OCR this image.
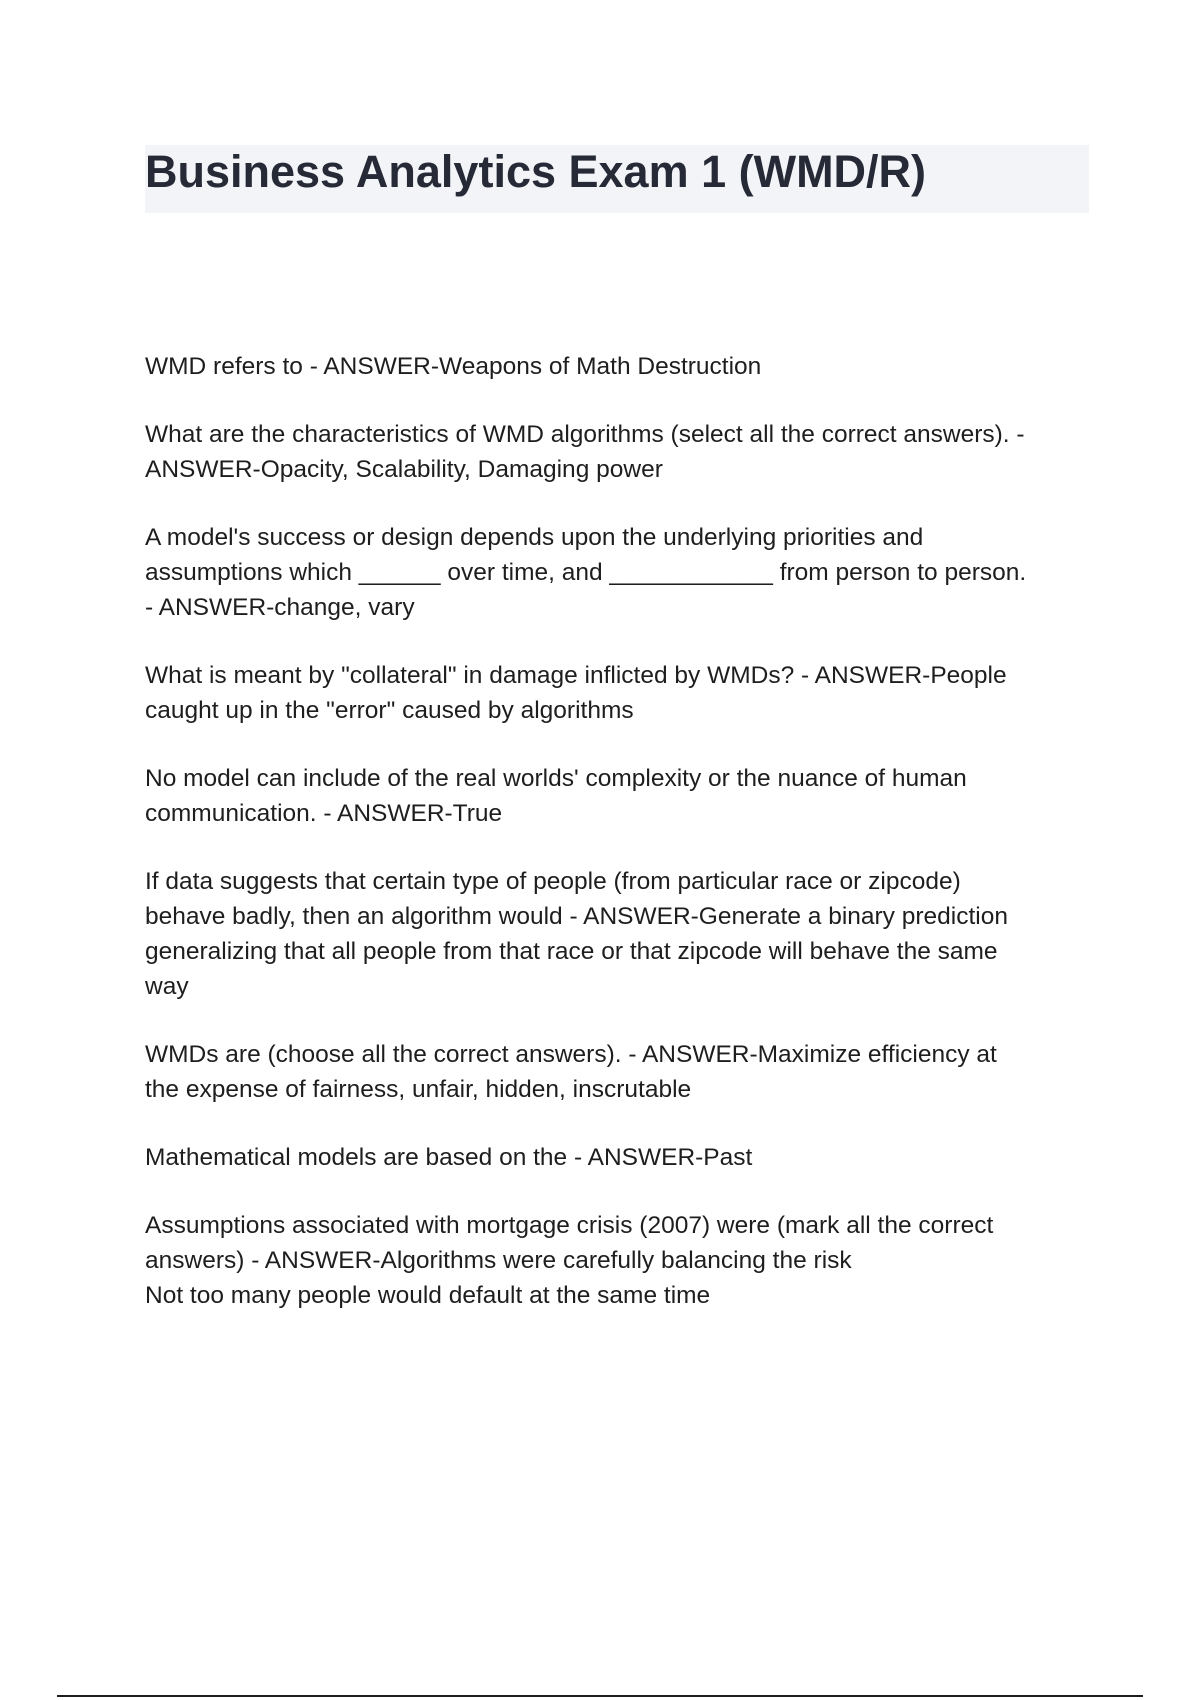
Business Analytics Exam 1 (WMD/R)
WMD refers to - ANSWER-Weapons of Math Destruction
What are the characteristics of WMD algorithms (select all the correct answers). -
ANSWER-Opacity, Scalability, Damaging power
A model's success or design depends upon the underlying priorities and
assumptions which ______ over time, and ____________ from person to person.
- ANSWER-change, vary
What is meant by "collateral" in damage inflicted by WMDs? - ANSWER-People
caught up in the "error" caused by algorithms
No model can include of the real worlds' complexity or the nuance of human
communication. - ANSWER-True
If data suggests that certain type of people (from particular race or zipcode)
behave badly, then an algorithm would - ANSWER-Generate a binary prediction
generalizing that all people from that race or that zipcode will behave the same
way
WMDs are (choose all the correct answers). - ANSWER-Maximize efficiency at
the expense of fairness, unfair, hidden, inscrutable
Mathematical models are based on the - ANSWER-Past
Assumptions associated with mortgage crisis (2007) were (mark all the correct
answers) - ANSWER-Algorithms were carefully balancing the risk
Not too many people would default at the same time
